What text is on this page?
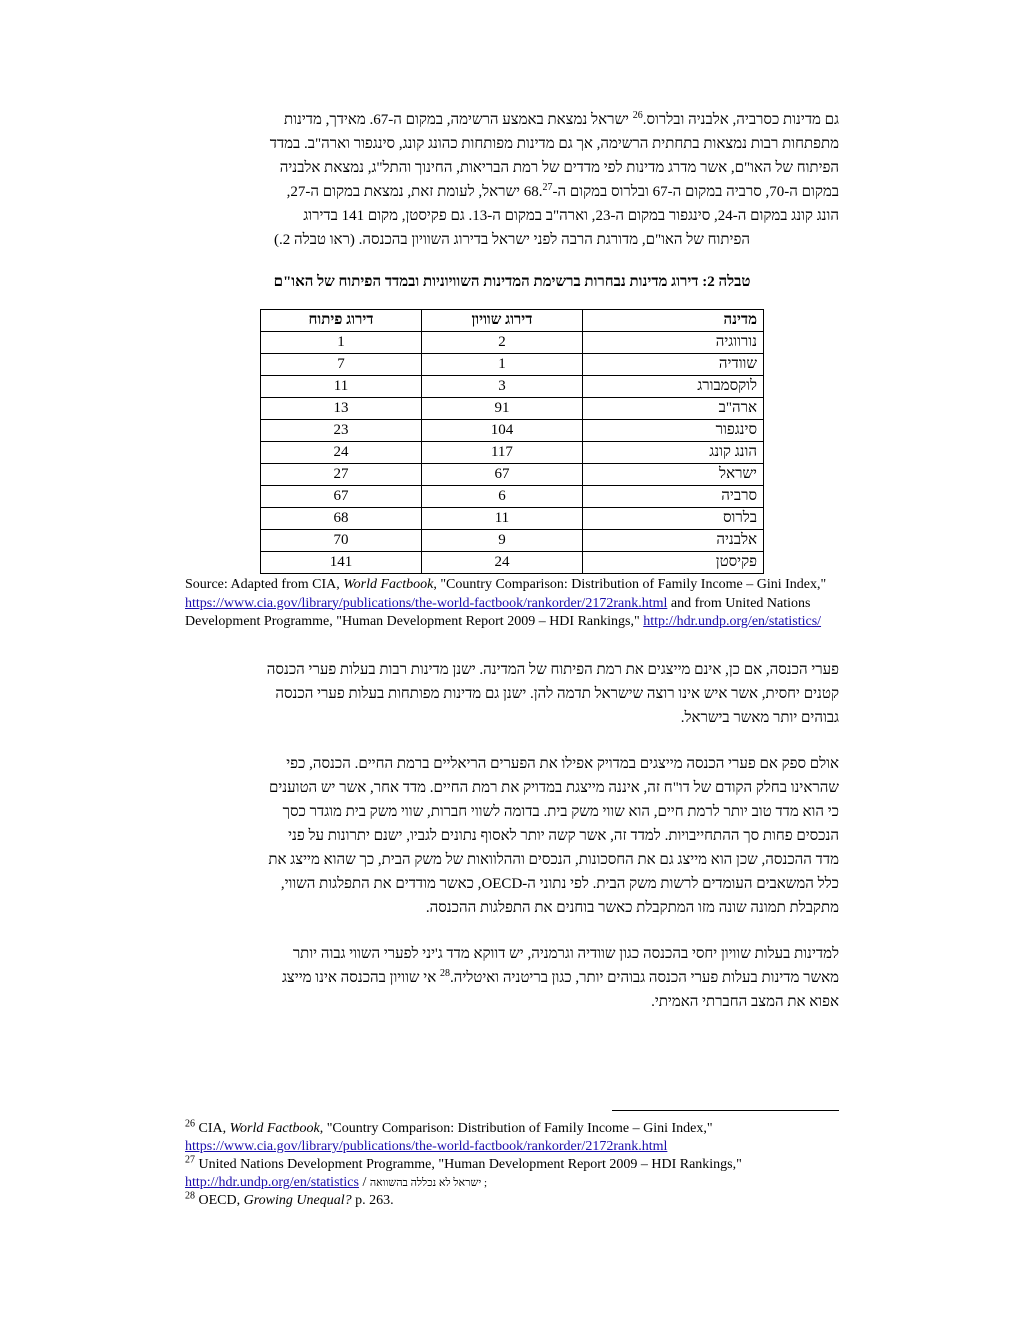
גם מדינות כסרביה, אלבניה ובלרוס.$^{26}$ ישראל נמצאת באמצע הרשימה, במקום ה-67. מאידך, מדינות
מתפתחות רבות נמצאות בתחתית הרשימה, אך גם מדינות מפותחות כהונג קונג, סינגפור וארה"ב. במדד
הפיתוח של האו"ם, אשר מדרג מדינות לפי מדדים של רמת הבריאות, החינוך והתל"ג, נמצאת אלבניה
במקום ה-70, סרביה במקום ה-67 ובלרוס במקום ה-68.27 ישראל, לעומת זאת, נמצאת במקום ה-27,
הונג קונג במקום ה-24, סינגפור במקום ה-23, וארה"ב במקום ה-13. גם פקיסטן, מקום 141 בדירוג
הפיתוח של האו"ם, מדורגת הרבה לפני ישראל בדירוג השוויון בהכנסה. (ראו טבלה 2.)
טבלה 2: דירוג מדינות נבחרות ברשימת המדינות השוויוניות ובמדד הפיתוח של האו"ם
מדינה	דירוג שוויון	דירוג פיתוח
נורווגיה	2	1
שוודיה	1	7
לוקסמבורג	3	11
ארה"ב	91	13
סינגפור	104	23
הונג קונג	117	24
ישראל	67	27
סרביה	6	67
בלרוס	11	68
אלבניה	9	70
פקיסטן	24	141
Source: Adapted from CIA, World Factbook, "Country Comparison: Distribution of Family Income – Gini Index," https://www.cia.gov/library/publications/the-world-factbook/rankorder/2172rank.html and from United Nations Development Programme, "Human Development Report 2009 – HDI Rankings," http://hdr.undp.org/en/statistics/
פערי הכנסה, אם כן, אינם מייצגים את רמת הפיתוח של המדינה. ישנן מדינות רבות בעלות פערי הכנסה
קטנים יחסית, אשר איש אינו רוצה שישראל תדמה להן. ישנן גם מדינות מפותחות בעלות פערי הכנסה
גבוהים יותר מאשר בישראל.
אולם ספק אם פערי הכנסה מייצגים במדויק אפילו את הפערים הריאליים ברמת החיים. הכנסה, כפי
שהראינו בחלק הקודם של דו"ח זה, איננה מייצגת במדויק את רמת החיים. מדד אחר, אשר יש הטוענים
כי הוא מדד טוב יותר לרמת חיים, הוא שווי משק בית. בדומה לשווי חברות, שווי משק בית מוגדר כסך
הנכסים פחות סך ההתחייבויות. למדד זה, אשר קשה יותר לאסוף נתונים לגביו, ישנם יתרונות על פני
מדד ההכנסה, שכן הוא מייצג גם את החסכונות, הנכסים וההלוואות של משק הבית, כך שהוא מייצג את
כלל המשאבים העומדים לרשות משק הבית. לפי נתוני ה-OECD, כאשר מודדים את התפלגות השווי,
מתקבלת תמונה שונה מזו המתקבלת כאשר בוחנים את התפלגות ההכנסה.
למדינות בעלות שוויון יחסי בהכנסה כגון שוודיה וגרמניה, יש דווקא מדד ג'יני לפערי השווי גבוה יותר
מאשר מדינות בעלות פערי הכנסה גבוהים יותר, כגון בריטניה ואיטליה.$^{28}$ אי שוויון בהכנסה אינו מייצג
אפוא את המצב החברתי האמיתי.
$^{26}$ CIA, World Factbook, "Country Comparison: Distribution of Family Income – Gini Index,"
https://www.cia.gov/library/publications/the-world-factbook/rankorder/2172rank.html
$^{27}$ United Nations Development Programme, "Human Development Report 2009 – HDI Rankings,"
http://hdr.undp.org/en/statistics / ; ישראל לא נכללה בהשוואה
$^{28}$ OECD, Growing Unequal? p. 263.
